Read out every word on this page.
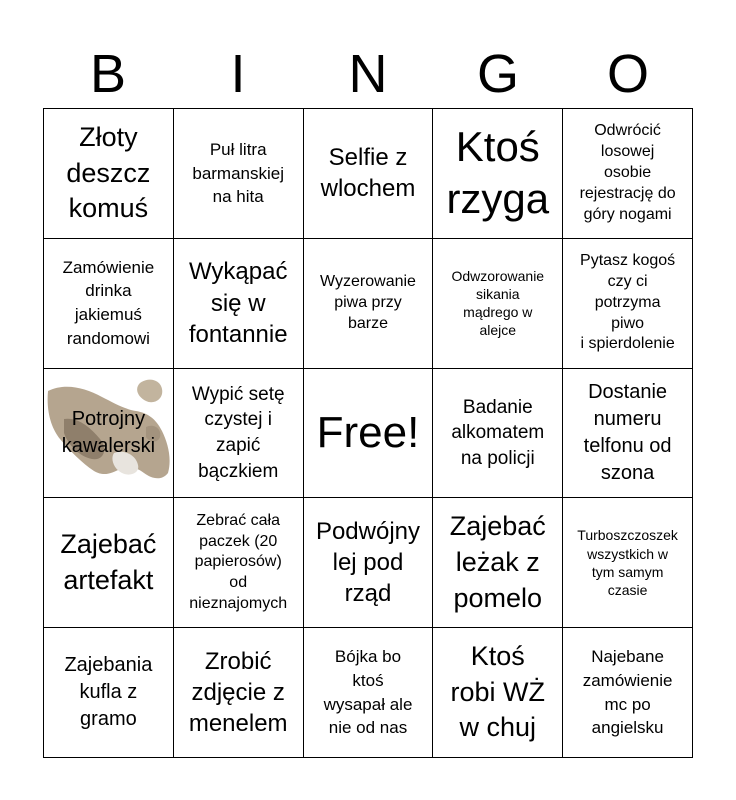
B	I	N	G	O
Złoty
deszcz
komuś
Puł litra
barmanskiej
na hita
Selfie z
wlochem
Ktoś
rzyga
Odwrócić
losowej
osobie
rejestrację do
góry nogami
Zamówienie
drinka
jakiemuś
randomowi
Wykąpać
się w
fontannie
Wyzerowanie
piwa przy
barze
Odwzorowanie
sikania
mądrego w
alejce
Pytasz kogoś
czy ci
potrzyma
piwo
i spierdolenie
Potrojny
kawalerski
Wypić setę
czystej i
zapić
bączkiem
Free!
Badanie
alkomatem
na policji
Dostanie
numeru
telfonu od
szona
Zajebać
artefakt
Zebrać cała
paczek (20
papierosów)
od
nieznajomych
Podwójny
lej pod
rząd
Zajebać
leżak z
pomelo
Turboszczoszek
wszystkich w
tym samym
czasie
Zajebania
kufla z
gramo
Zrobić
zdjęcie z
menelem
Bójka bo
ktoś
wysapał ale
nie od nas
Ktoś
robi WŻ
w chuj
Najebane
zamówienie
mc po
angielsku
